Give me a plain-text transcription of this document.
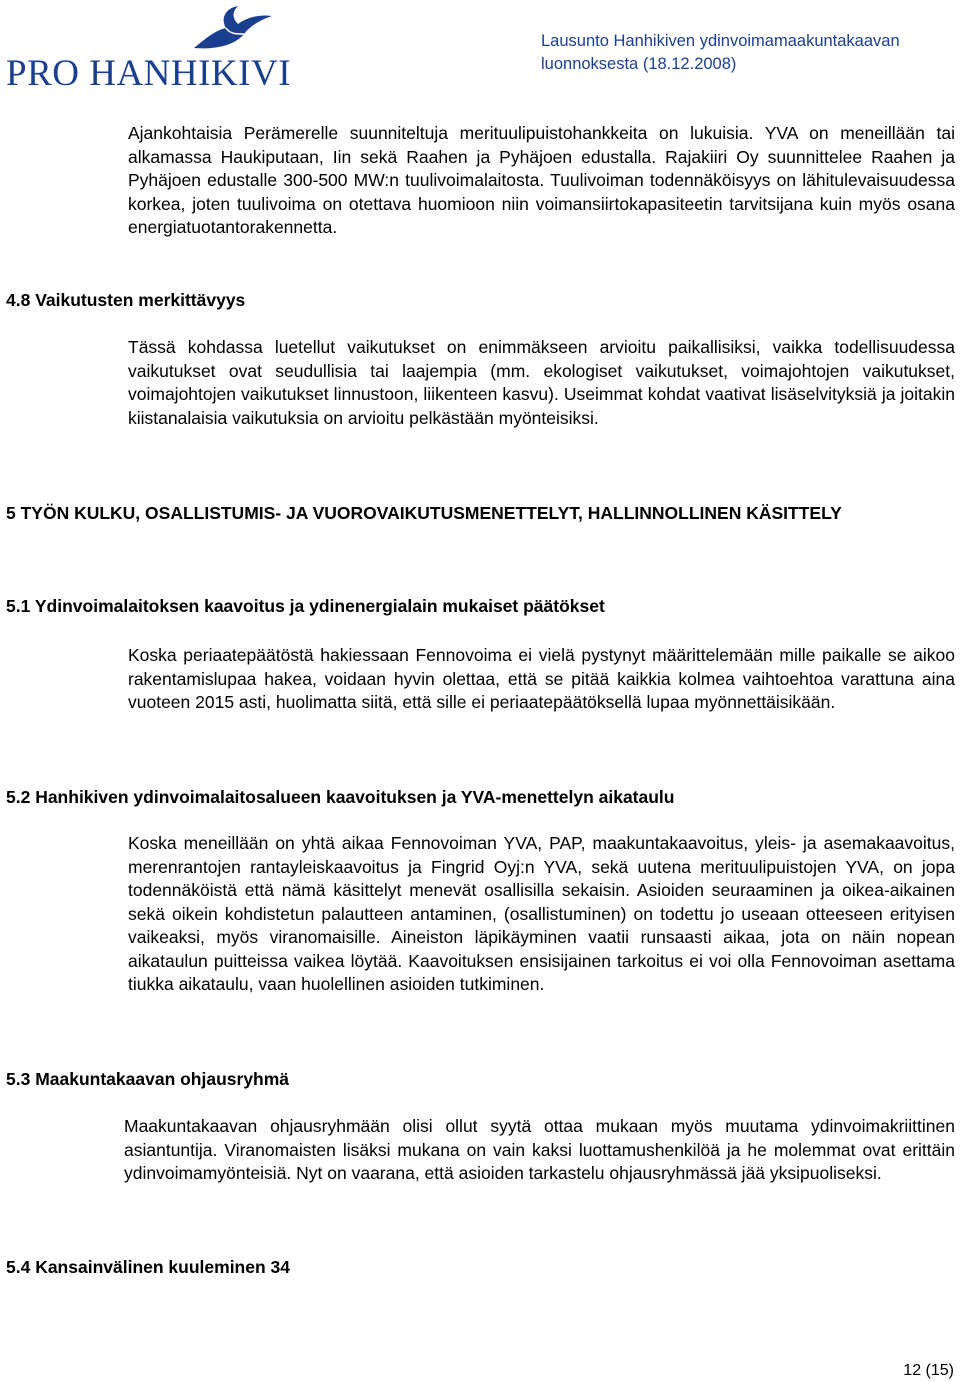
PRO HANHIKIVI
Lausunto Hanhikiven ydinvoimamaakuntakaavan luonnoksesta (18.12.2008)
Ajankohtaisia Perämerelle suunniteltuja merituulipuistohankkeita on lukuisia. YVA on meneillään tai alkamassa Haukiputaan, Iin sekä Raahen ja Pyhäjoen edustalla. Rajakiiri Oy suunnittelee Raahen ja Pyhäjoen edustalle 300-500 MW:n tuulivoimalaitosta. Tuulivoiman todennäköisyys on lähitulevaisuudessa korkea, joten tuulivoima on otettava huomioon niin voimansiirtokapasiteetin tarvitsijana kuin myös osana energiatuotantorakennetta.
4.8 Vaikutusten merkittävyys
Tässä kohdassa luetellut vaikutukset on enimmäkseen arvioitu paikallisiksi, vaikka todellisuudessa vaikutukset ovat seudullisia tai laajempia (mm. ekologiset vaikutukset, voimajohtojen vaikutukset, voimajohtojen vaikutukset linnustoon, liikenteen kasvu). Useimmat kohdat vaativat lisäselvityksiä ja joitakin kiistanalaisia vaikutuksia on arvioitu pelkästään myönteisiksi.
5 TYÖN KULKU, OSALLISTUMIS- JA VUOROVAIKUTUSMENETTELYT, HALLINNOLLINEN KÄSITTELY
5.1 Ydinvoimalaitoksen kaavoitus ja ydinenergialain mukaiset päätökset
Koska periaatepäätöstä hakiessaan Fennovoima ei vielä pystynyt määrittelemään mille paikalle se aikoo rakentamislupaa hakea, voidaan hyvin olettaa, että se pitää kaikkia kolmea vaihtoehtoa varattuna aina vuoteen 2015 asti, huolimatta siitä, että sille ei periaatepäätöksellä lupaa myönnettäisikään.
5.2 Hanhikiven ydinvoimalaitosalueen kaavoituksen ja YVA-menettelyn aikataulu
Koska meneillään on yhtä aikaa Fennovoiman YVA, PAP, maakuntakaavoitus, yleis- ja asemakaavoitus, merenrantojen rantayleiskaavoitus ja Fingrid Oyj:n YVA, sekä uutena merituulipuistojen YVA, on jopa todennäköistä että nämä käsittelyt menevät osallisilla sekaisin. Asioiden seuraaminen ja oikea-aikainen sekä oikein kohdistetun palautteen antaminen, (osallistuminen) on todettu jo useaan otteeseen erityisen vaikeaksi, myös viranomaisille. Aineiston läpikäyminen vaatii runsaasti aikaa, jota on näin nopean aikataulun puitteissa vaikea löytää. Kaavoituksen ensisijainen tarkoitus ei voi olla Fennovoiman asettama tiukka aikataulu, vaan huolellinen asioiden tutkiminen.
5.3 Maakuntakaavan ohjausryhmä
Maakuntakaavan ohjausryhmään olisi ollut syytä ottaa mukaan myös muutama ydinvoimakriittinen asiantuntija. Viranomaisten lisäksi mukana on vain kaksi luottamushenkilöä ja he molemmat ovat erittäin ydinvoimamyönteisiä. Nyt on vaarana, että asioiden tarkastelu ohjausryhmässä jää yksipuoliseksi.
5.4 Kansainvälinen kuuleminen 34
12 (15)
